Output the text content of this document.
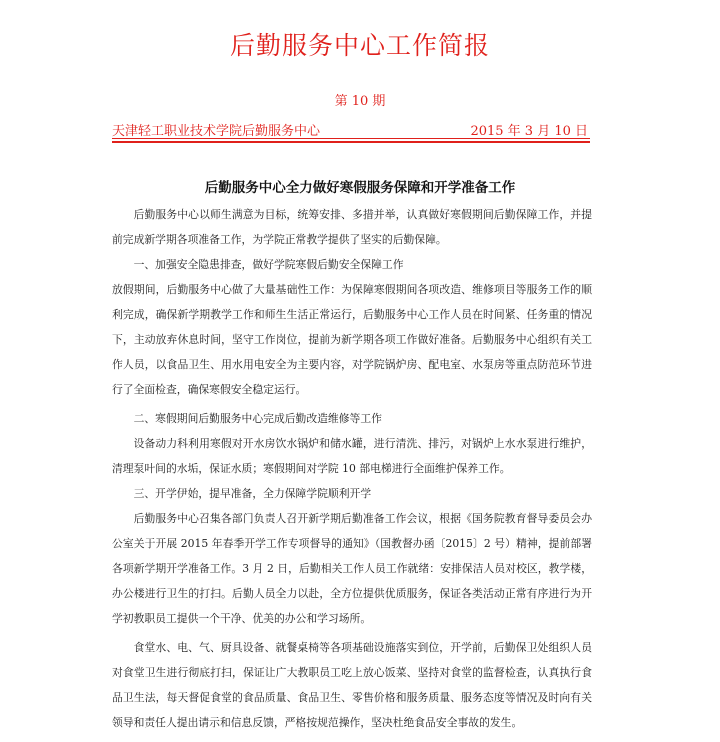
后勤服务中心工作简报
第 10 期
天津轻工职业技术学院后勤服务中心	2015 年 3 月 10 日
后勤服务中心全力做好寒假服务保障和开学准备工作

后勤服务中心以师生满意为目标，统筹安排、多措并举，认真做好寒假期间后勤保障工作，并提前完成新学期各项准备工作，为学院正常教学提供了坚实的后勤保障。

一、加强安全隐患排查，做好学院寒假后勤安全保障工作

放假期间，后勤服务中心做了大量基础性工作：为保障寒假期间各项改造、维修项目等服务工作的顺利完成，确保新学期教学工作和师生生活正常运行，后勤服务中心工作人员在时间紧、任务重的情况下，主动放弃休息时间，坚守工作岗位，提前为新学期各项工作做好准备。后勤服务中心组织有关工作人员，以食品卫生、用水用电安全为主要内容，对学院锅炉房、配电室、水泵房等重点防范环节进行了全面检查，确保寒假安全稳定运行。

二、寒假期间后勤服务中心完成后勤改造维修等工作

设备动力科利用寒假对开水房饮水锅炉和储水罐，进行清洗、排污，对锅炉上水水泵进行维护，清理泵叶间的水垢，保证水质；寒假期间对学院 10 部电梯进行全面维护保养工作。

三、开学伊始，提早准备，全力保障学院顺利开学

后勤服务中心召集各部门负责人召开新学期后勤准备工作会议，根据《国务院教育督导委员会办公室关于开展 2015 年春季开学工作专项督导的通知》（国教督办函〔2015〕2 号）精神，提前部署各项新学期开学准备工作。3 月 2 日，后勤相关工作人员工作就绪：安排保洁人员对校区，教学楼，办公楼进行卫生的打扫。后勤人员全力以赴，全方位提供优质服务，保证各类活动正常有序进行为开学初教职员工提供一个干净、优美的办公和学习场所。

食堂水、电、气、厨具设备、就餐桌椅等各项基础设施落实到位，开学前，后勤保卫处组织人员对食堂卫生进行彻底打扫，保证让广大教职员工吃上放心饭菜、坚持对食堂的监督检查，认真执行食品卫生法，每天督促食堂的食品质量、食品卫生、零售价格和服务质量、服务态度等情况及时向有关领导和责任人提出请示和信息反馈，严格按规范操作，坚决杜绝食品安全事故的发生。
